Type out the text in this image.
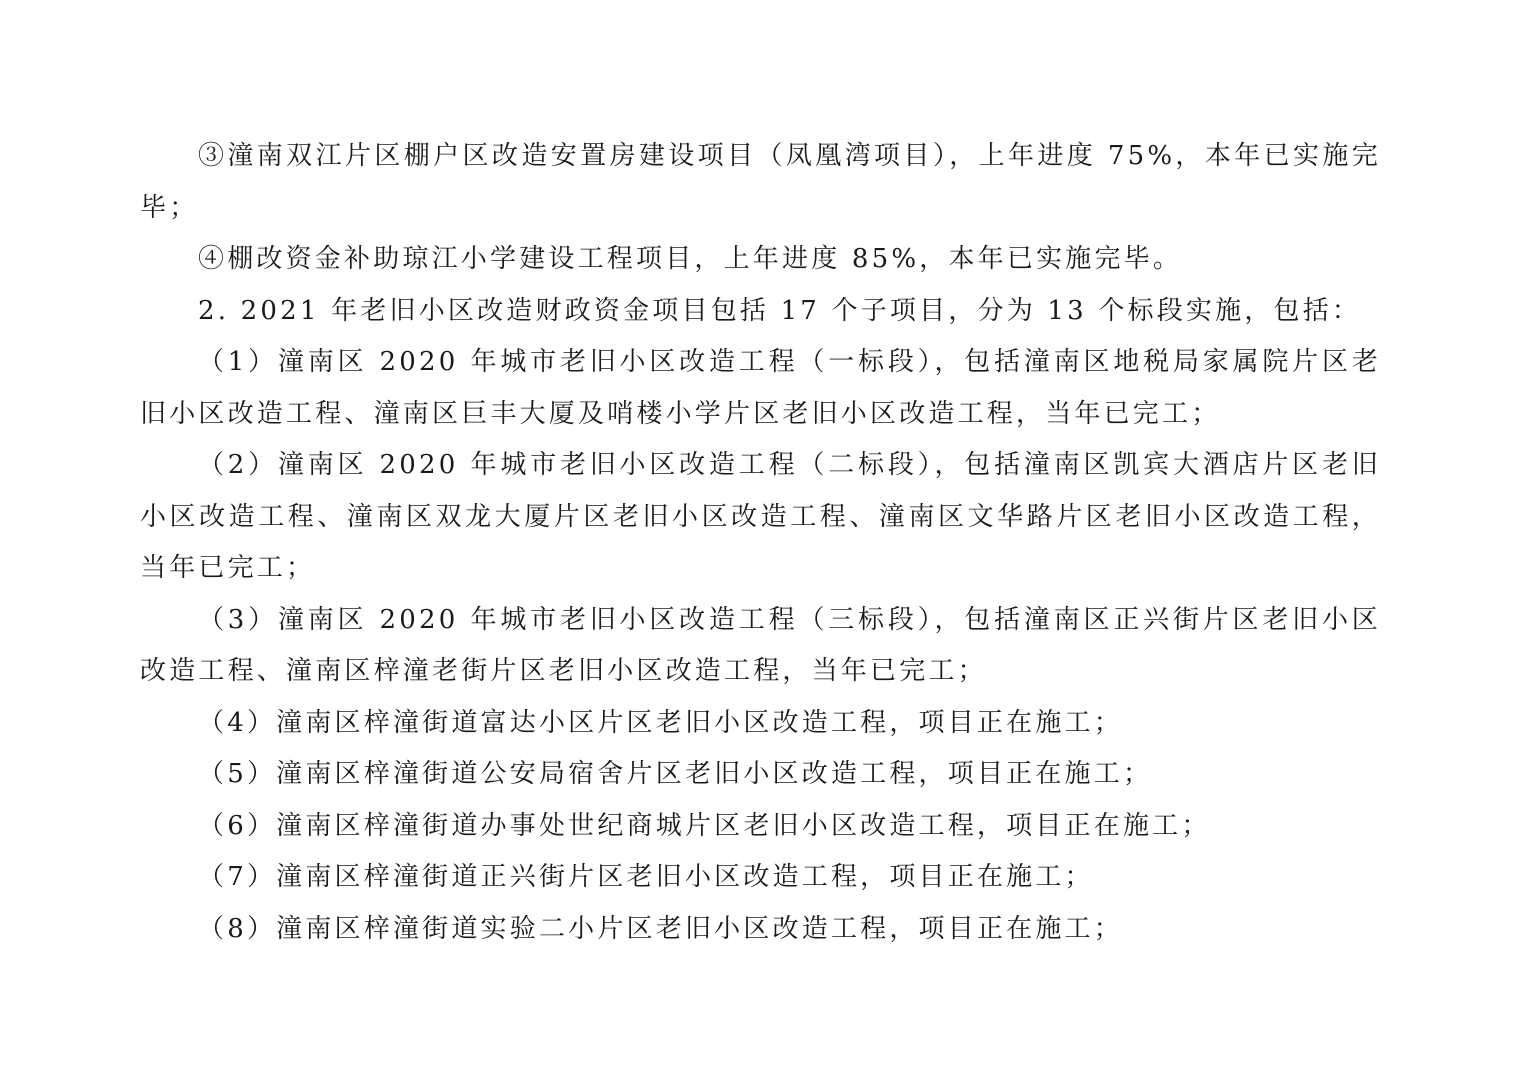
③潼南双江片区棚户区改造安置房建设项目（凤凰湾项目），上年进度 75%，本年已实施完毕；

④棚改资金补助琼江小学建设工程项目，上年进度 85%，本年已实施完毕。

2. 2021 年老旧小区改造财政资金项目包括 17 个子项目，分为 13 个标段实施，包括：

（1）潼南区 2020 年城市老旧小区改造工程（一标段），包括潼南区地税局家属院片区老旧小区改造工程、潼南区巨丰大厦及哨楼小学片区老旧小区改造工程，当年已完工；

（2）潼南区 2020 年城市老旧小区改造工程（二标段），包括潼南区凯宾大酒店片区老旧小区改造工程、潼南区双龙大厦片区老旧小区改造工程、潼南区文华路片区老旧小区改造工程，当年已完工；

（3）潼南区 2020 年城市老旧小区改造工程（三标段），包括潼南区正兴街片区老旧小区改造工程、潼南区梓潼老街片区老旧小区改造工程，当年已完工；

（4）潼南区梓潼街道富达小区片区老旧小区改造工程，项目正在施工；

（5）潼南区梓潼街道公安局宿舍片区老旧小区改造工程，项目正在施工；

（6）潼南区梓潼街道办事处世纪商城片区老旧小区改造工程，项目正在施工；

（7）潼南区梓潼街道正兴街片区老旧小区改造工程，项目正在施工；

（8）潼南区梓潼街道实验二小片区老旧小区改造工程，项目正在施工；
